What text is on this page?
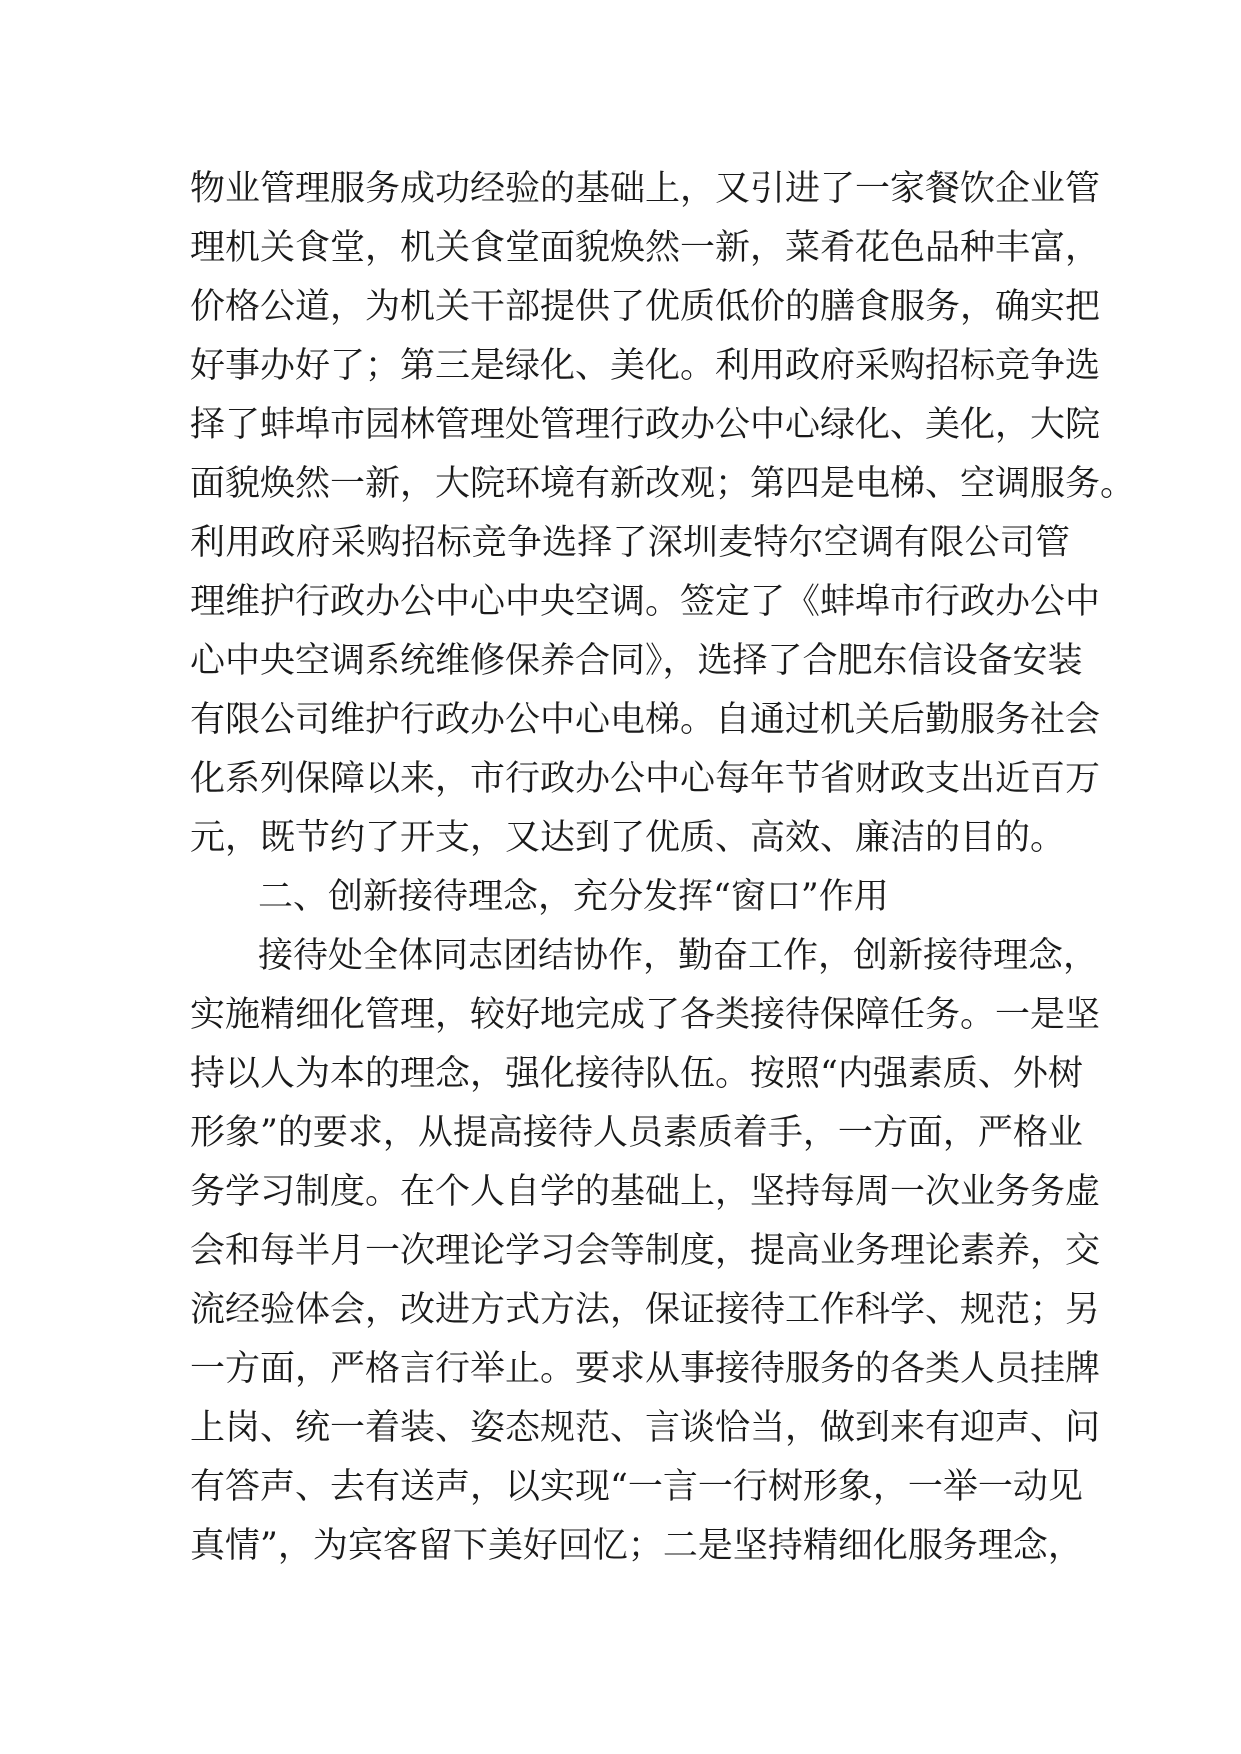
物业管理服务成功经验的基础上，又引进了一家餐饮企业管
理机关食堂，机关食堂面貌焕然一新，菜肴花色品种丰富，
价格公道，为机关干部提供了优质低价的膳食服务，确实把
好事办好了；第三是绿化、美化。利用政府采购招标竞争选
择了蚌埠市园林管理处管理行政办公中心绿化、美化，大院
面貌焕然一新，大院环境有新改观；第四是电梯、空调服务。
利用政府采购招标竞争选择了深圳麦特尔空调有限公司管
理维护行政办公中心中央空调。签定了《蚌埠市行政办公中
心中央空调系统维修保养合同》，选择了合肥东信设备安装
有限公司维护行政办公中心电梯。自通过机关后勤服务社会
化系列保障以来，市行政办公中心每年节省财政支出近百万
元，既节约了开支，又达到了优质、高效、廉洁的目的。
二、创新接待理念，充分发挥“窗口”作用
接待处全体同志团结协作，勤奋工作，创新接待理念，
实施精细化管理，较好地完成了各类接待保障任务。一是坚
持以人为本的理念，强化接待队伍。按照“内强素质、外树
形象”的要求，从提高接待人员素质着手，一方面，严格业
务学习制度。在个人自学的基础上，坚持每周一次业务务虚
会和每半月一次理论学习会等制度，提高业务理论素养，交
流经验体会，改进方式方法，保证接待工作科学、规范；另
一方面，严格言行举止。要求从事接待服务的各类人员挂牌
上岗、统一着装、姿态规范、言谈恰当，做到来有迎声、问
有答声、去有送声，以实现“一言一行树形象，一举一动见
真情”，为宾客留下美好回忆；二是坚持精细化服务理念，
